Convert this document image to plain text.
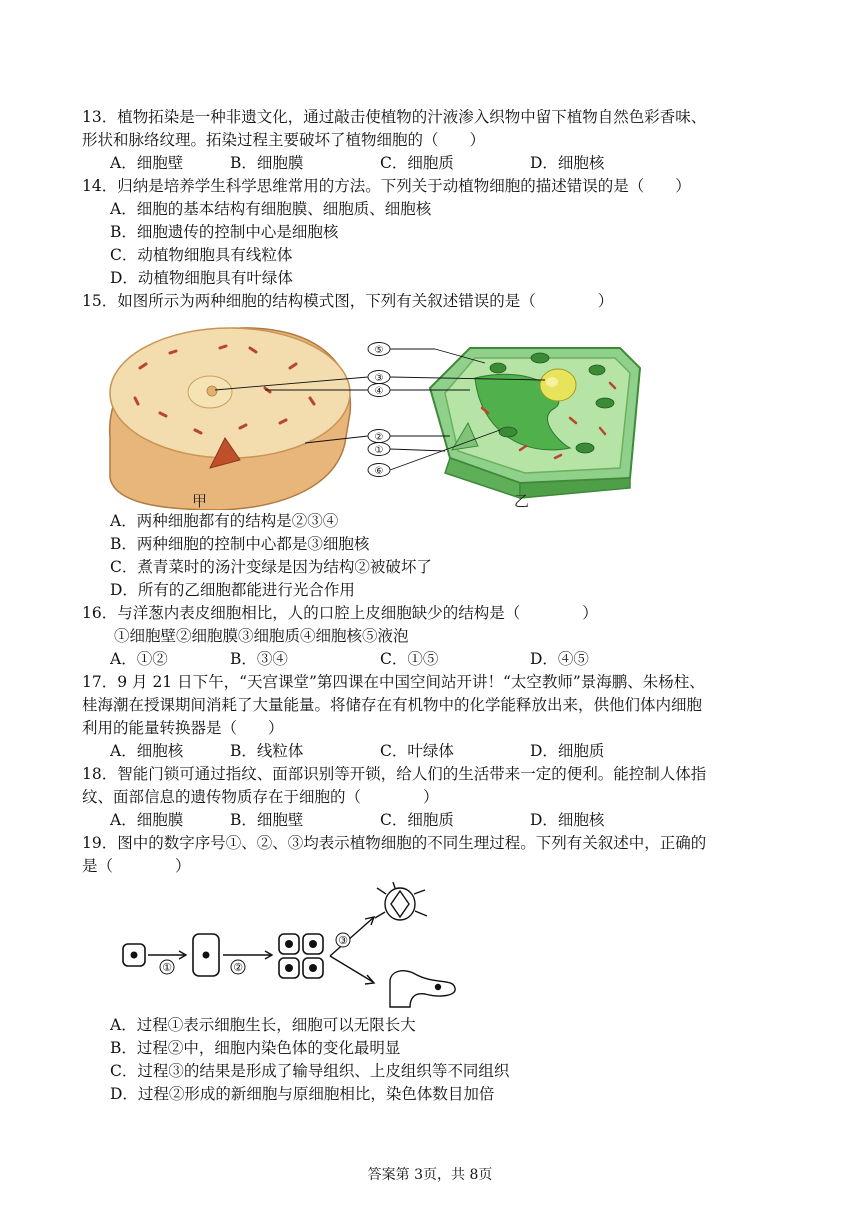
13．植物拓染是一种非遗文化，通过敲击使植物的汁液渗入织物中留下植物自然色彩香味、
形状和脉络纹理。拓染过程主要破坏了植物细胞的（　　）
A．细胞壁	B．细胞膜	C．细胞质	D．细胞核
14．归纳是培养学生科学思维常用的方法。下列关于动植物细胞的描述错误的是（　　）
A．细胞的基本结构有细胞膜、细胞质、细胞核
B．细胞遗传的控制中心是细胞核
C．动植物细胞具有线粒体
D．动植物细胞具有叶绿体
15．如图所示为两种细胞的结构模式图，下列有关叙述错误的是（　　　　）
⑤
③
④
②
①
⑥
甲	乙
A．两种细胞都有的结构是②③④
B．两种细胞的控制中心都是③细胞核
C．煮青菜时的汤汁变绿是因为结构②被破坏了
D．所有的乙细胞都能进行光合作用
16．与洋葱内表皮细胞相比，人的口腔上皮细胞缺少的结构是（　　　　）
①细胞壁②细胞膜③细胞质④细胞核⑤液泡
A．①②	B．③④	C．①⑤	D．④⑤
17．9 月 21 日下午，“天宫课堂”第四课在中国空间站开讲！“太空教师”景海鹏、朱杨柱、
桂海潮在授课期间消耗了大量能量。将储存在有机物中的化学能释放出来，供他们体内细胞
利用的能量转换器是（　　）
A．细胞核	B．线粒体	C．叶绿体	D．细胞质
18．智能门锁可通过指纹、面部识别等开锁，给人们的生活带来一定的便利。能控制人体指
纹、面部信息的遗传物质存在于细胞的（　　　　）
A．细胞膜	B．细胞壁	C．细胞质	D．细胞核
19．图中的数字序号①、②、③均表示植物细胞的不同生理过程。下列有关叙述中，正确的
是（　　　　）
①	②
③
A．过程①表示细胞生长，细胞可以无限长大
B．过程②中，细胞内染色体的变化最明显
C．过程③的结果是形成了输导组织、上皮组织等不同组织
D．过程②形成的新细胞与原细胞相比，染色体数目加倍
答案第 3页，共 8页
